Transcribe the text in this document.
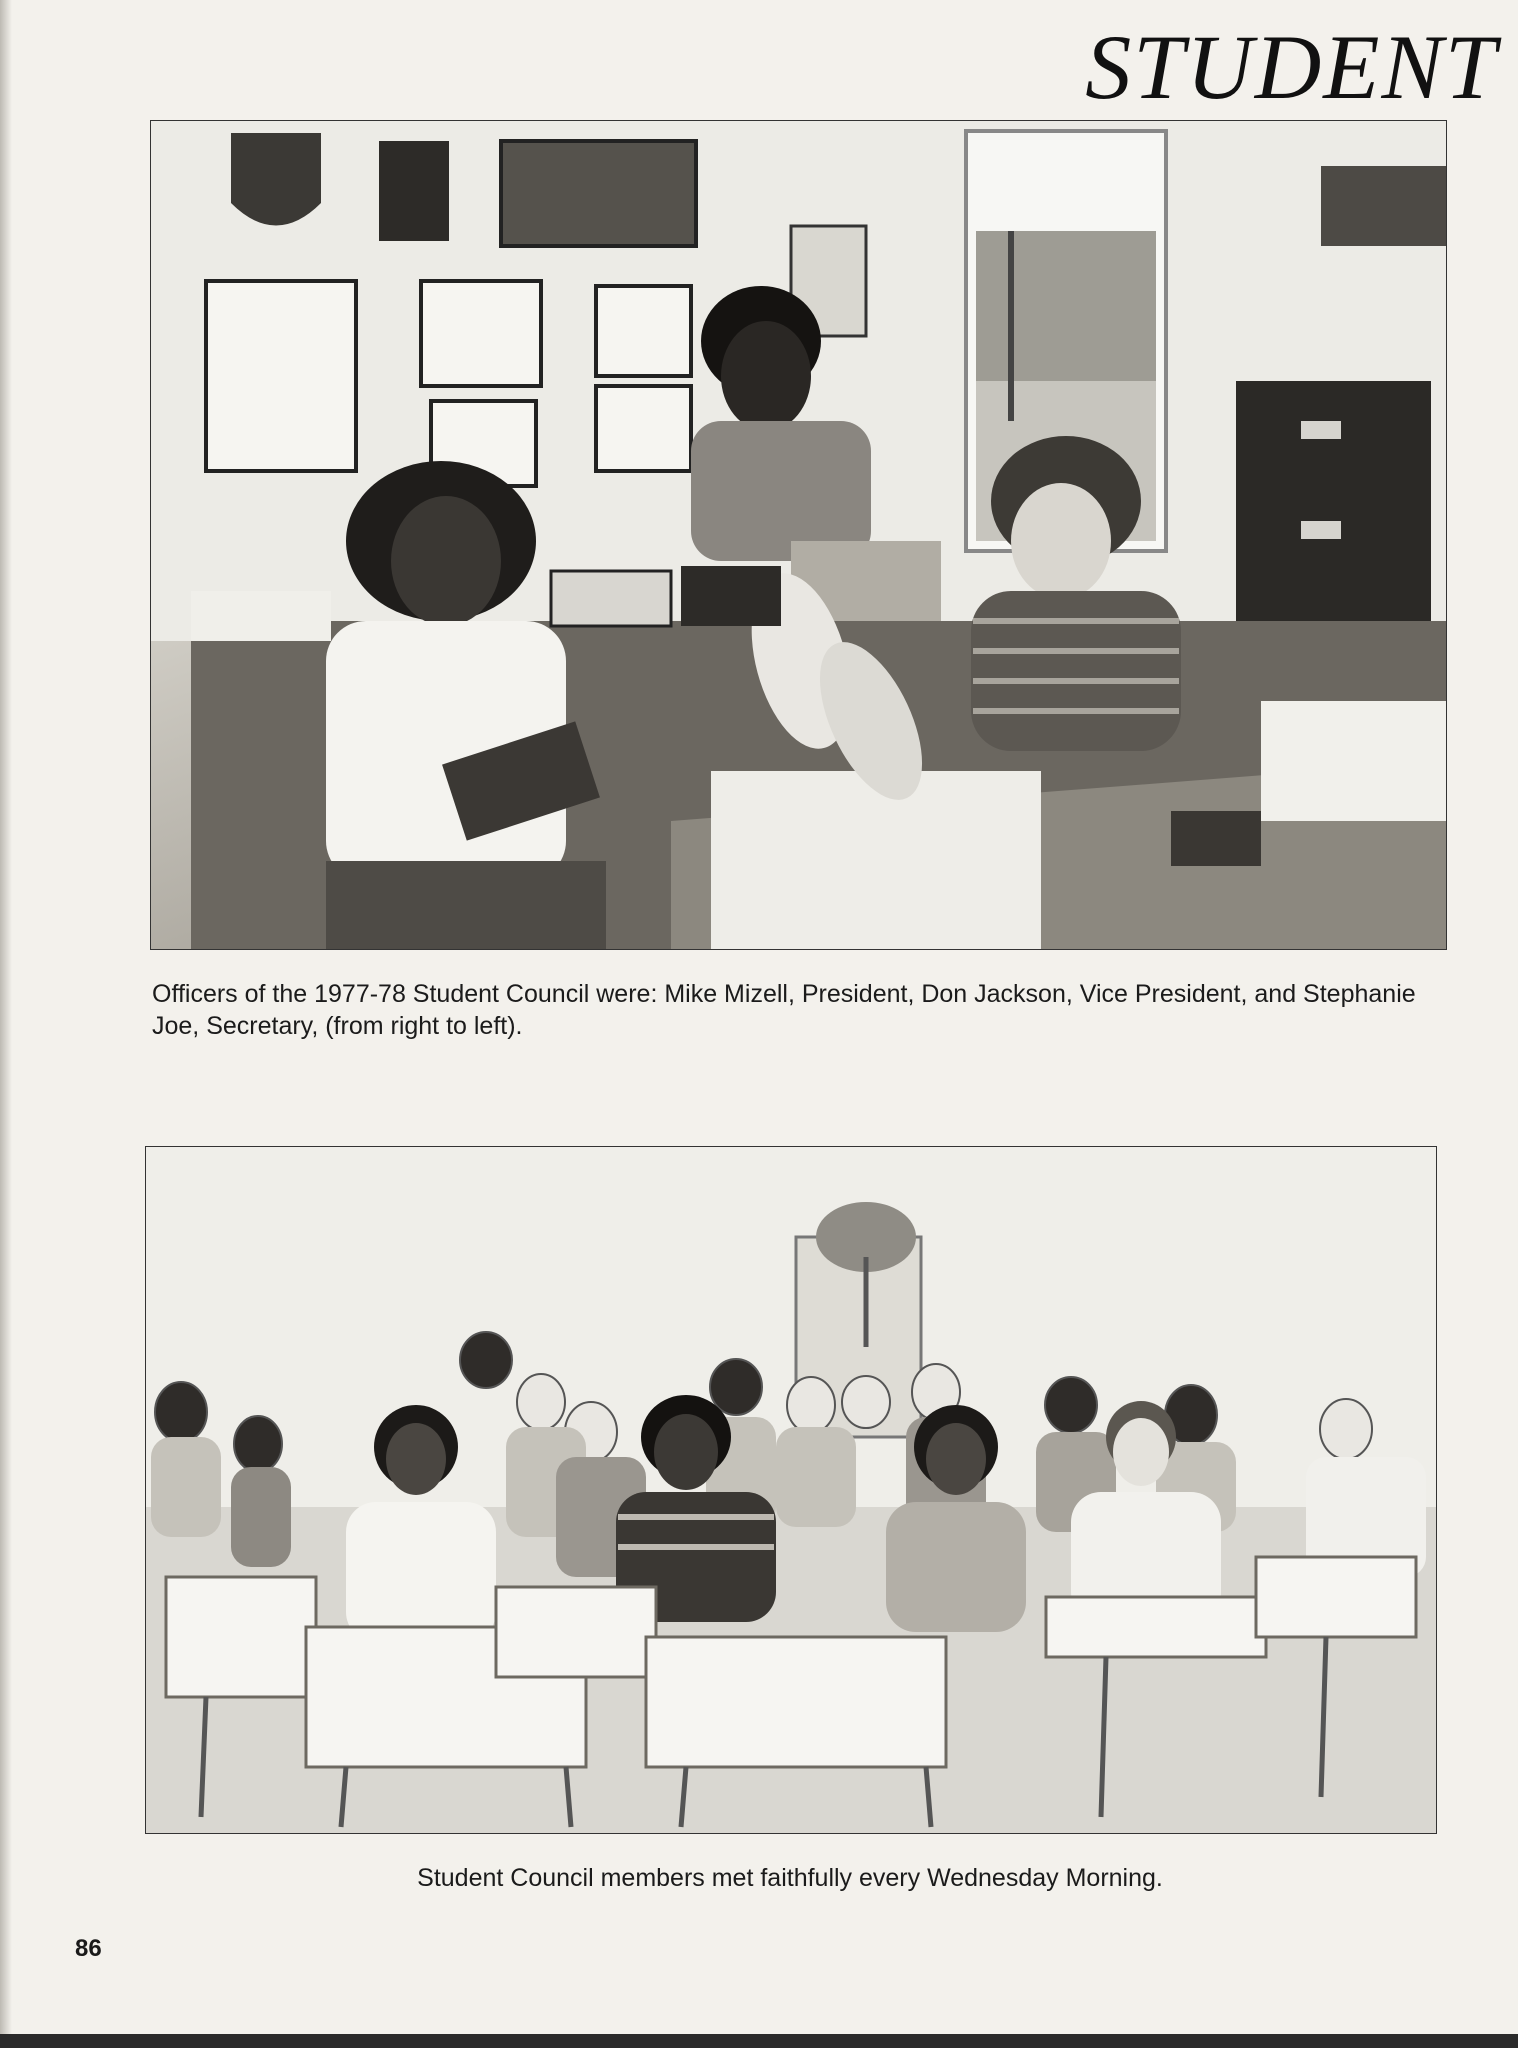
STUDENT
Officers of the 1977-78 Student Council were: Mike Mizell, President, Don Jackson, Vice President, and Stephanie Joe, Secretary, (from right to left).
Student Council members met faithfully every Wednesday Morning.
86
